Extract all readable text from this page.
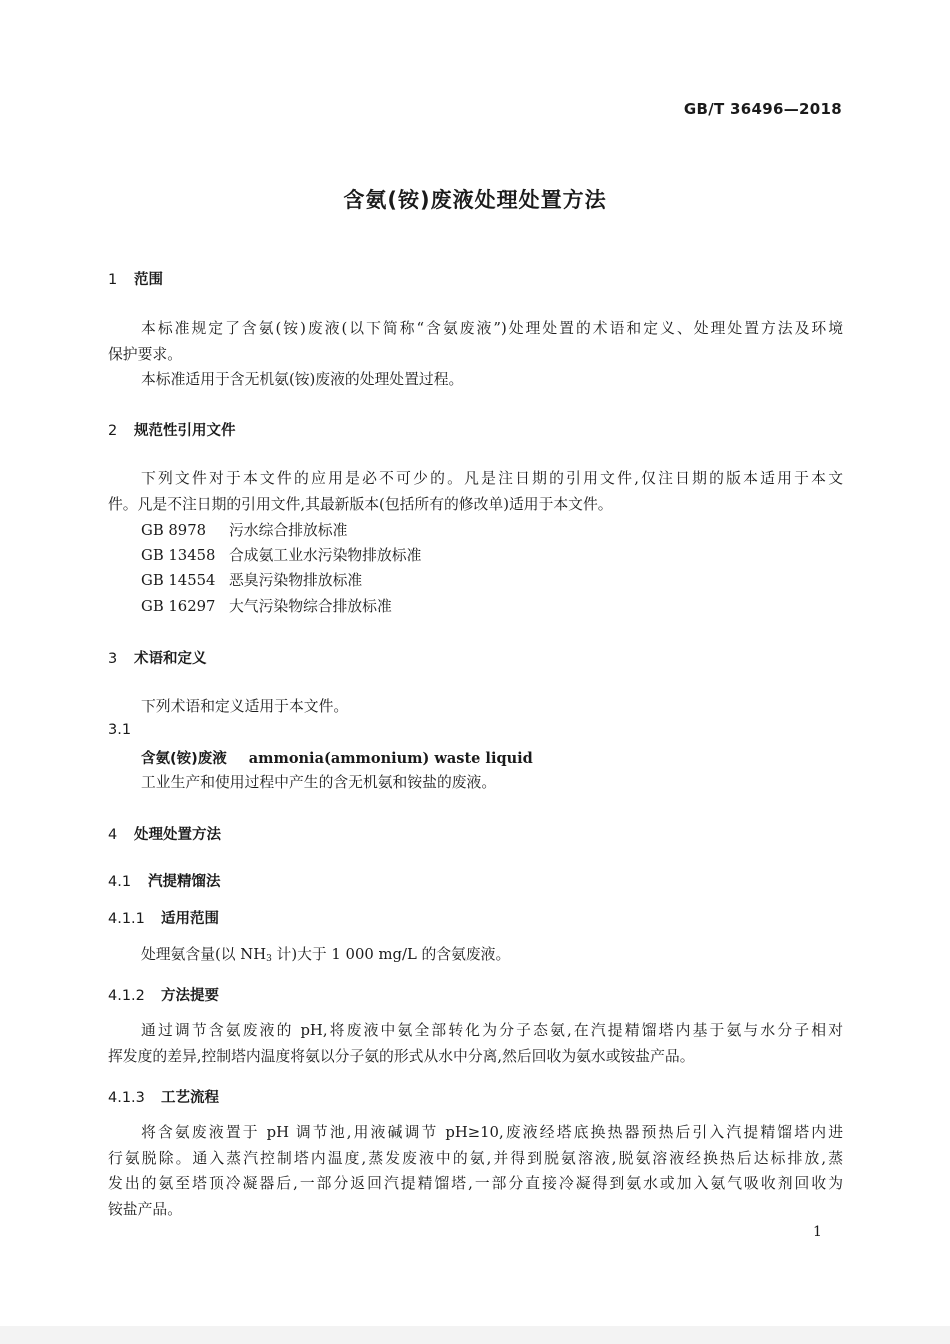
GB/T 36496—2018
含氨(铵)废液处理处置方法
1 范围
本标准规定了含氨(铵)废液(以下简称“含氨废液”)处理处置的术语和定义、处理处置方法及环境
保护要求。
本标准适用于含无机氨(铵)废液的处理处置过程。
2 规范性引用文件
下列文件对于本文件的应用是必不可少的。凡是注日期的引用文件,仅注日期的版本适用于本文
件。凡是不注日期的引用文件,其最新版本(包括所有的修改单)适用于本文件。
GB 8978 污水综合排放标准
GB 13458 合成氨工业水污染物排放标准
GB 14554 恶臭污染物排放标准
GB 16297 大气污染物综合排放标准
3 术语和定义
下列术语和定义适用于本文件。
3.1
含氨(铵)废液 ammonia(ammonium) waste liquid
工业生产和使用过程中产生的含无机氨和铵盐的废液。
4 处理处置方法
4.1 汽提精馏法
4.1.1 适用范围
处理氨含量(以 $NH_3$ 计)大于 1 000 mg/L 的含氨废液。
4.1.2 方法提要
通过调节含氨废液的 pH,将废液中氨全部转化为分子态氨,在汽提精馏塔内基于氨与水分子相对
挥发度的差异,控制塔内温度将氨以分子氨的形式从水中分离,然后回收为氨水或铵盐产品。
4.1.3 工艺流程
将含氨废液置于 pH 调节池,用液碱调节 pH≥10,废液经塔底换热器预热后引入汽提精馏塔内进
行氨脱除。通入蒸汽控制塔内温度,蒸发废液中的氨,并得到脱氨溶液,脱氨溶液经换热后达标排放,蒸
发出的氨至塔顶冷凝器后,一部分返回汽提精馏塔,一部分直接冷凝得到氨水或加入氨气吸收剂回收为
铵盐产品。
1
